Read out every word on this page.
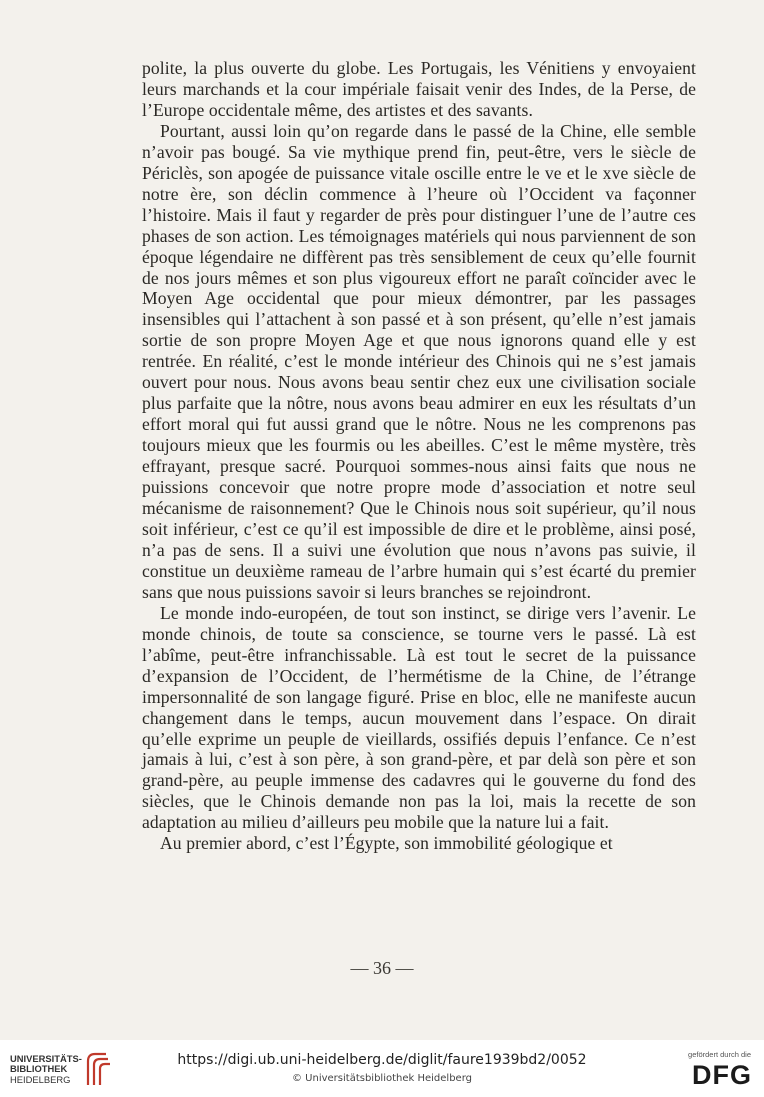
polite, la plus ouverte du globe. Les Portugais, les Vénitiens y envoyaient leurs marchands et la cour impériale faisait venir des Indes, de la Perse, de l’Europe occidentale même, des artistes et des savants.

Pourtant, aussi loin qu’on regarde dans le passé de la Chine, elle semble n’avoir pas bougé. Sa vie mythique prend fin, peut-être, vers le siècle de Périclès, son apogée de puissance vitale oscille entre le ve et le xve siècle de notre ère, son déclin commence à l’heure où l’Occident va façonner l’histoire. Mais il faut y regarder de près pour distinguer l’une de l’autre ces phases de son action. Les témoignages matériels qui nous parviennent de son époque légendaire ne diffèrent pas très sensiblement de ceux qu’elle fournit de nos jours mêmes et son plus vigoureux effort ne paraît coïncider avec le Moyen Age occidental que pour mieux démontrer, par les passages insensibles qui l’attachent à son passé et à son présent, qu’elle n’est jamais sortie de son propre Moyen Age et que nous ignorons quand elle y est rentrée. En réalité, c’est le monde intérieur des Chinois qui ne s’est jamais ouvert pour nous. Nous avons beau sentir chez eux une civilisation sociale plus parfaite que la nôtre, nous avons beau admirer en eux les résultats d’un effort moral qui fut aussi grand que le nôtre. Nous ne les comprenons pas toujours mieux que les fourmis ou les abeilles. C’est le même mystère, très effrayant, presque sacré. Pourquoi sommes-nous ainsi faits que nous ne puissions concevoir que notre propre mode d’association et notre seul mécanisme de raisonnement? Que le Chinois nous soit supérieur, qu’il nous soit inférieur, c’est ce qu’il est impossible de dire et le problème, ainsi posé, n’a pas de sens. Il a suivi une évolution que nous n’avons pas suivie, il constitue un deuxième rameau de l’arbre humain qui s’est écarté du premier sans que nous puissions savoir si leurs branches se rejoindront.

Le monde indo-européen, de tout son instinct, se dirige vers l’avenir. Le monde chinois, de toute sa conscience, se tourne vers le passé. Là est l’abîme, peut-être infranchissable. Là est tout le secret de la puissance d’expansion de l’Occident, de l’hermétisme de la Chine, de l’étrange impersonnalité de son langage figuré. Prise en bloc, elle ne manifeste aucun changement dans le temps, aucun mouvement dans l’espace. On dirait qu’elle exprime un peuple de vieillards, ossifiés depuis l’enfance. Ce n’est jamais à lui, c’est à son père, à son grand-père, et par delà son père et son grand-père, au peuple immense des cadavres qui le gouverne du fond des siècles, que le Chinois demande non pas la loi, mais la recette de son adaptation au milieu d’ailleurs peu mobile que la nature lui a fait.

Au premier abord, c’est l’Égypte, son immobilité géologique et

— 36 —
UNIVERSITÄTS-
BIBLIOTHEK
HEIDELBERG
https://digi.ub.uni-heidelberg.de/diglit/faure1939bd2/0052
© Universitätsbibliothek Heidelberg
gefördert durch die
DFG
